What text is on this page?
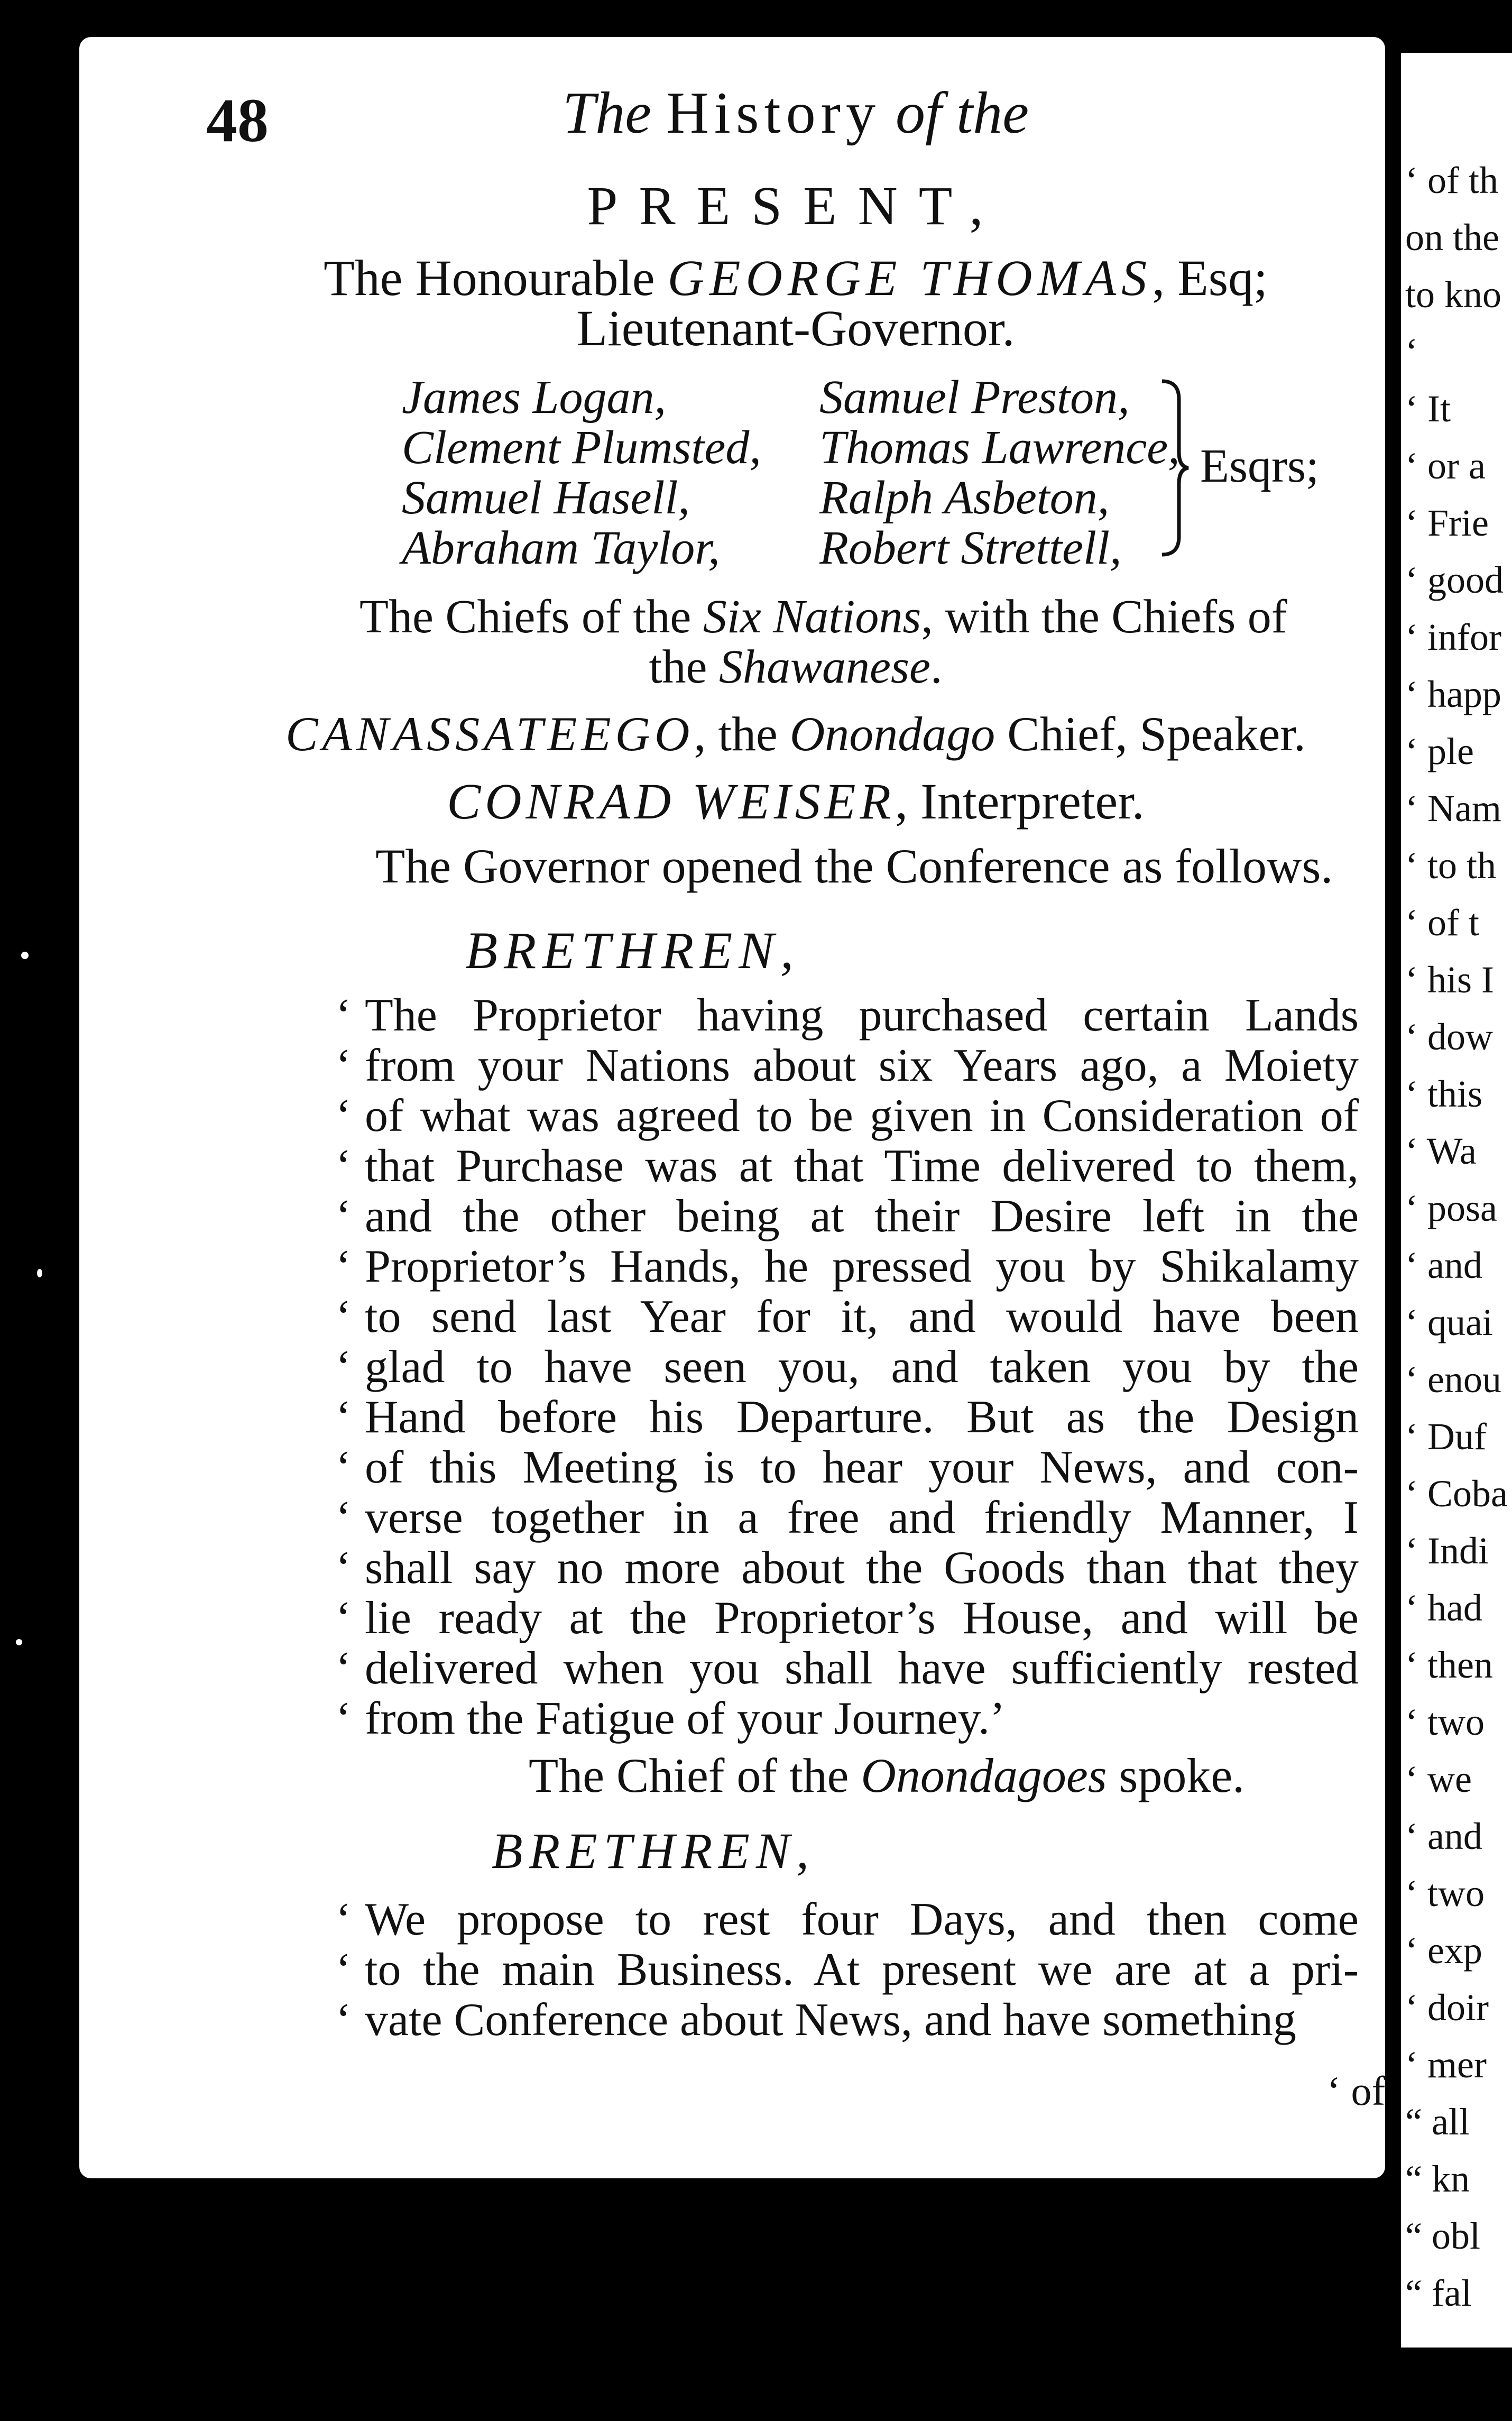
‘ of th
on the
to kno
‘
‘ It
‘ or a
‘ Frie
‘ good
‘ infor
‘ happ
‘ ple
‘ Nam
‘ to th
‘ of t
‘ his I
‘ dow
‘ this
‘ Wa
‘ posa
‘ and
‘ quai
‘ enou
‘ Duf
‘ Coba
‘ Indi
‘ had
‘ then
‘ two
‘ we
‘ and
‘ two
‘ exp
‘ doir
‘ mer
“ all
“ kn
“ obl
“ fal
48	The History of the
PRESENT,
The Honourable GEORGE THOMAS, Esq;
Lieutenant-Governor.
James Logan,
Clement Plumsted,
Samuel Hasell,
Abraham Taylor,
Samuel Preston,
Thomas Lawrence,
Ralph Asbeton,
Robert Strettell,
Esqrs;
The Chiefs of the Six Nations, with the Chiefs of
the Shawanese.
CANASSATEEGO, the Onondago Chief, Speaker.
CONRAD WEISER, Interpreter.
The Governor opened the Conference as follows.
BRETHREN,
‘ The Proprietor having purchased certain Lands
‘ from your Nations about six Years ago, a Moiety
‘ of what was agreed to be given in Consideration of
‘ that Purchase was at that Time delivered to them,
‘ and the other being at their Desire left in the
‘ Proprietor’s Hands, he pressed you by Shikalamy
‘ to send last Year for it, and would have been
‘ glad to have seen you, and taken you by the
‘ Hand before his Departure. But as the Design
‘ of this Meeting is to hear your News, and con-
‘ verse together in a free and friendly Manner, I
‘ shall say no more about the Goods than that they
‘ lie ready at the Proprietor’s House, and will be
‘ delivered when you shall have sufficiently rested
‘ from the Fatigue of your Journey.’
The Chief of the Onondagoes spoke.
BRETHREN,
‘ We propose to rest four Days, and then come
‘ to the main Business. At present we are at a pri-
‘ vate Conference about News, and have something
‘ of
